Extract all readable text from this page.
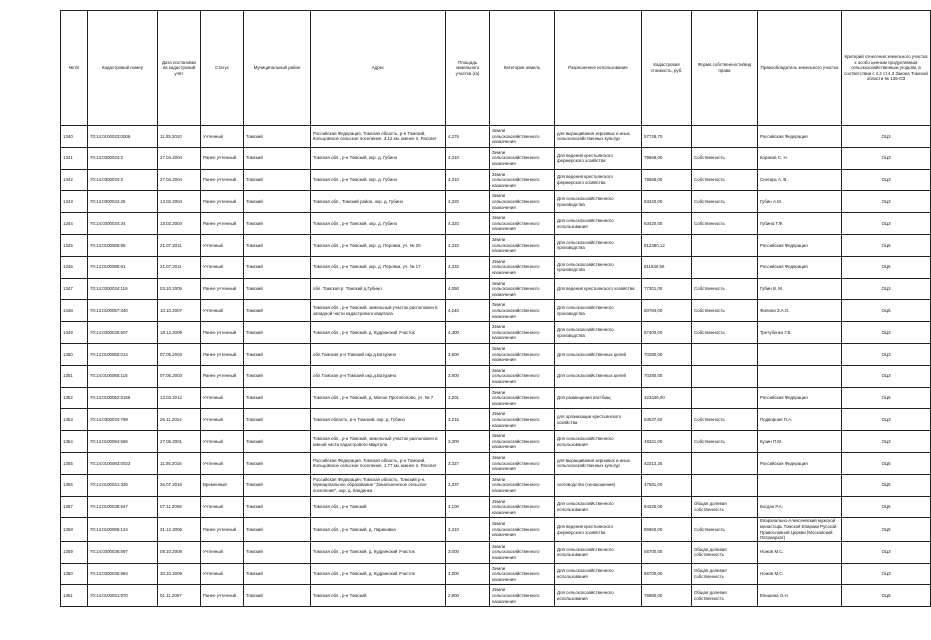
№п/п	Кадастровый номер	Дата постановки на кадастровый учёт	Статус	Муниципальный район	Адрес	Площадь земельного участка (га)	Категория земель	Разрешенное использование	Кадастровая стоимость, руб.	Форма собственности/вид права	Правообладатель земельного участка	Критерий отнесения земельного участка к особо ценным продуктивным сельскохозяйственным угодьям, в соответствии с п.2 ст.4.3 Закона Томской области № 135-ОЗ
1340	70:14:0100033:0006	11.05.2010	Учтенный	Томский	Российская Федерация, Томская область, р-н Томский, Кольцовское сельское поселение, 3.12 км. южнее п. Рассвет	4,276	Земли сельскохозяйственного назначения	для выращивания зерновых и иных сельскохозяйственных культур	57728,70		Российская Федерация	ОЦ3
1341	70:14:0300034:2	27.04.2004	Ранее учтенный	Томский	Томская обл., р-н Томский, окр. д. Губино	4,310	Земли сельскохозяйственного назначения	Для ведения крестьянского фермерского хозяйства	79568,00	Собственность	Кориков С. Н.	ОЦ3
1342	70:14:0300034:3	27.04.2004	Ранее учтенный	Томский	Томская обл., р-н Томский, окр. д. Губино	4,310	Земли сельскохозяйственного назначения	Для ведения крестьянского фермерского хозяйства	79568,00	Собственность	Снегирь А. В.	ОЦ3
1343	70:14:0300034:25	13.02.2004	Ранее учтенный	Томский	Томская обл., Томский район, окр. д. Губино	4,320	Земли сельскохозяйственного назначения	Для сельскохозяйственного производства	63420,00	Собственность	Губин А.М.	ОЦ3
1344	70:14:0300034:34	13.02.2004	Ранее учтенный	Томский	Томская обл., р-н Томский, окр. д. Губино	4,320	Земли сельскохозяйственного назначения	Для сельскохозяйственного использования	63420,00	Собственность	Губина Т.Ф.	ОЦ3
1345	70:14:0100085:86	21.07.2011	Учтенный	Томский	Томская обл., р-н Томский, окр. д. Перовка, уч. № 20	4,332	Земли сельскохозяйственного назначения	Для сельскохозяйственного производства	812390,12		Российская Федерация	ОЦ5
1346	70:14:0100085:81	21.07.2011	Учтенный	Томский	Томская обл., р-н Томский, окр. д. Перовка, уч. № 17	4,332	Земли сельскохозяйственного назначения	Для сельскохозяйственного производства	811840,56		Российская Федерация	ОЦ5
1347	70:14:0300034:119	03.10.2005	Ранее учтенный	Томский	обл. Томская р. Томский д.Губино	4,050	Земли сельскохозяйственного назначения	Для ведения крестьянского хозяйства	77301,00	Собственность	Губин В. М.	ОЦ3
1348	70:14:0100057:340	10.10.2007	Учтенный	Томский	Томская обл., р-н Томский, земельный участок расположен в западной части кадастрового квартала	4,240	Земли сельскохозяйственного назначения	Для сельскохозяйственного производства	60784,00	Собственность	Филина З.А.О.	ОЦ5
1349	70:14:0300036:607	18.12.2009	Ранее учтенный	Томский	Томская обл., р-н Томский, д. Кудринский Участок	4,400	Земли сельскохозяйственного назначения	Для сельскохозяйственного производства	67400,00	Собственность	Третубенко Г.В.	ОЦ3
1350	70:14:0100055:014	07.05.2003	Ранее учтенный	Томский	обл.Томская р-н Томский окр.д.Батурино	3,600	Земли сельскохозяйственного назначения	Для сельскохозяйственных целей	70280,00			ОЦ3
1351	70:14:0100055:116	07.05.2003	Ранее учтенный	Томский	обл.Томская р-н Томский окр.д.Батурино	3,600	Земли сельскохозяйственного назначения	Для сельскохозяйственных целей	70280,00			ОЦ3
1352	70:14:0100052:5156	13.03.2012	Учтенный	Томский	Томская обл., р-н Томский, д. Малое Протопопово, уч. № 7	3,201	Земли сельскохозяйственного назначения	Для размещения пастбищ	323446,00		Российская Федерация	ОЦ5
1353	70:14:0300034:799	26.11.2014	Учтенный	Томский	Томская область, р-н Томский, окр. д. Губино	3,215	Земли сельскохозяйственного назначения	для организации крестьянского хозяйства	63537,50	Собственность	Подворная П.А.	ОЦ3
1354	70:14:0100094:566	27.05.2001	Учтенный	Томский	Томская обл., р-н Томский, земельный участок расположен в южной части кадастрового квартала	3,300	Земли сельскохозяйственного назначения	Для сельскохозяйственного использования	48321,00	Собственность	Кузин П.М.	ОЦ3
1355	70:14:0100083:0023	11.05.2016	Учтенный	Томский	Российская Федерация, Томская область, р-н Томский, Кольцовское сельское поселение, 1.77 км. южнее п. Рассвет	3,327	Земли сельскохозяйственного назначения	для выращивания зерновых и иных сельскохозяйственных культур	42213,25		Российская Федерация	ОЦ5
1356	70:14:0100041:326	26.07.2016	Временный	Томский	Российская Федерация, Томская область, Томский р-н, Муниципальное образование "Зональненское сельское поселение", окр. д. Кандинка	3,337	Земли сельскохозяйственного назначения	скотоводство (сенокошение)	47581,00			ОЦ5
1357	70:14:0100038:547	07.11.2008	Учтенный	Томский	Томская обл., р-н Томский	3,100	Земли сельскохозяйственного назначения	Для сельскохозяйственного использования	84325,00	Общая долевая собственность	Богдан Р.А.	ОЦ5
1358	70:14:0100095:124	31.12.2006	Ранее учтенный	Томский	Томская обл., р-н Томский, д. Лариновка	3,310	Земли сельскохозяйственного назначения	Для ведения крестьянского фермерского хозяйства	86960,00	Собственность	Епархиально-Алексеевский мужской монастырь Томской Епархии Русской Православной Церкви (Московский Патриархат)	ОЦ5
1359	70:14:0300036:897	08.10.2008	Учтенный	Томский	Томская обл., р-н Томский, д. Кудринский Участок	3,000	Земли сельскохозяйственного назначения	Для сельскохозяйственного использования	56700,00	Общая долевая собственность	Ножов М.С.	ОЦ3
1360	70:14:0300036:984	30.10.2009	Учтенный	Томский	Томская обл., р-н Томский, д. Кудринский Участок	3,000	Земли сельскохозяйственного назначения	Для сельскохозяйственного использования	56700,00	Общая долевая собственность	Ножов М.С.	ОЦ3
1361	70:14:0100031:970	01.11.2007	Ранее учтенный	Томский	Томская обл., р-н Томский	2,900	Земли сельскохозяйственного назначения	Для сельскохозяйственного использования	76980,00	Общая долевая собственность	Епишина О.Н.	ОЦ5
